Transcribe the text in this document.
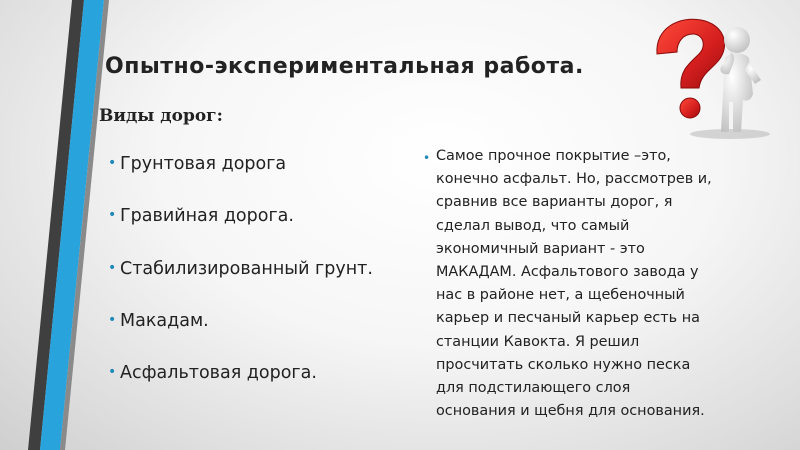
Опытно-экспериментальная работа.
Виды дорог:
• Грунтовая дорога
• Гравийная дорога.
• Стабилизированный грунт.
• Макадам.
• Асфальтовая дорога.
• Самое прочное покрытие –это,
конечно асфальт. Но, рассмотрев и,
сравнив все варианты дорог, я
сделал вывод, что самый
экономичный вариант - это
МАКАДАМ. Асфальтового завода у
нас в районе нет, а щебеночный
карьер и песчаный карьер есть на
станции Кавокта. Я решил
просчитать сколько нужно песка
для подстилающего слоя
основания и щебня для основания.
